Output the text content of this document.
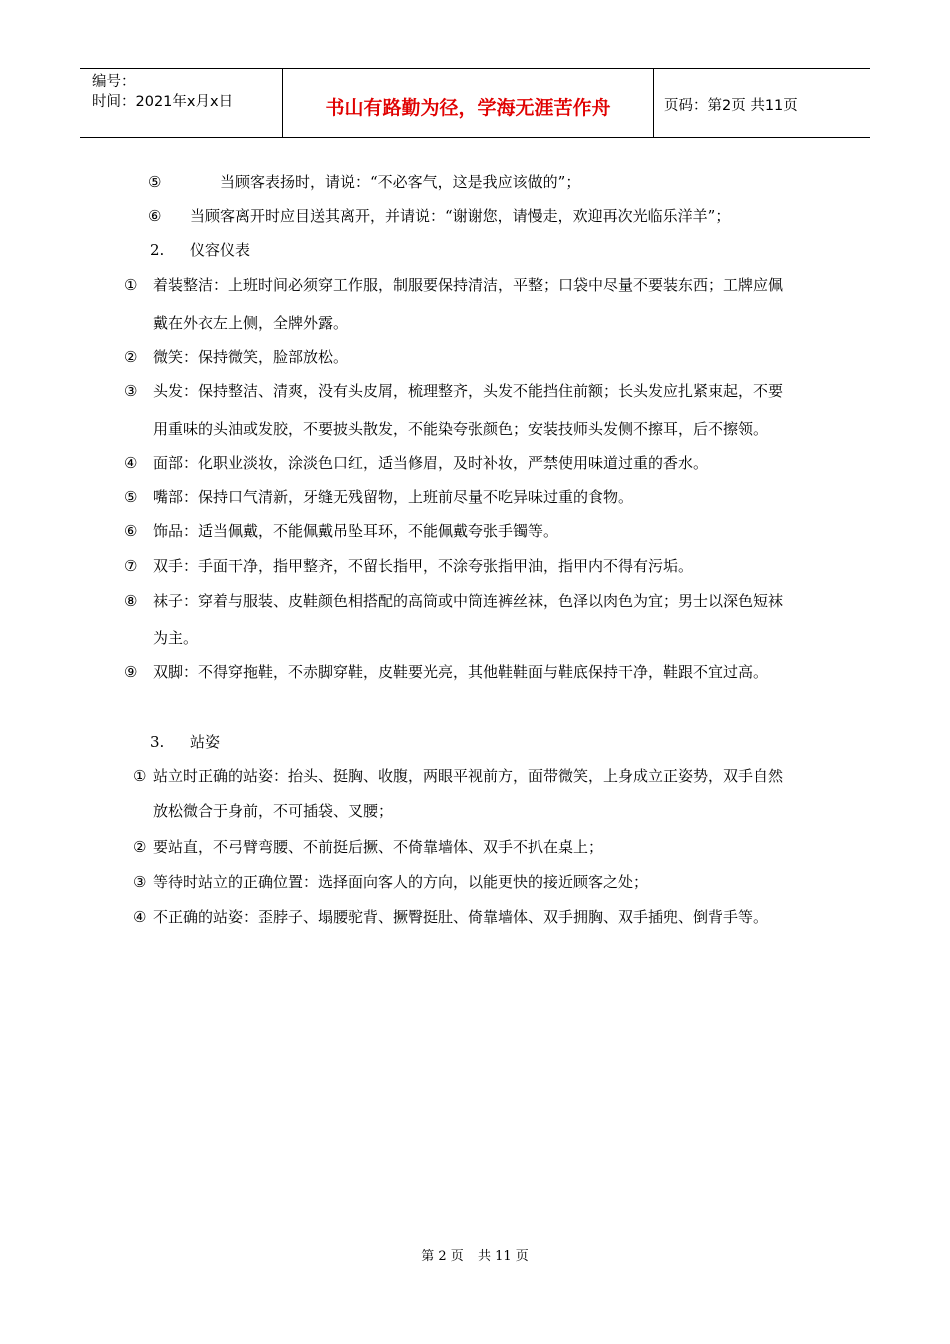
编号：
时间：2021年x月x日	书山有路勤为径，学海无涯苦作舟	页码：第2页 共11页
⑤	当顾客表扬时，请说：“不必客气，这是我应该做的”；
⑥ 当顾客离开时应目送其离开，并请说：“谢谢您，请慢走，欢迎再次光临乐洋羊”；
2. 仪容仪表
① 着装整洁：上班时间必须穿工作服，制服要保持清洁，平整；口袋中尽量不要装东西；工牌应佩
戴在外衣左上侧，全牌外露。
② 微笑：保持微笑，脸部放松。
③ 头发：保持整洁、清爽，没有头皮屑，梳理整齐，头发不能挡住前额；长头发应扎紧束起，不要
用重味的头油或发胶，不要披头散发，不能染夸张颜色；安装技师头发侧不擦耳，后不擦领。
④ 面部：化职业淡妆，涂淡色口红，适当修眉，及时补妆，严禁使用味道过重的香水。
⑤ 嘴部：保持口气清新，牙缝无残留物，上班前尽量不吃异味过重的食物。
⑥ 饰品：适当佩戴，不能佩戴吊坠耳环，不能佩戴夸张手镯等。
⑦ 双手：手面干净，指甲整齐，不留长指甲，不涂夸张指甲油，指甲内不得有污垢。
⑧ 袜子：穿着与服装、皮鞋颜色相搭配的高筒或中筒连裤丝袜，色泽以肉色为宜；男士以深色短袜
为主。
⑨ 双脚：不得穿拖鞋，不赤脚穿鞋，皮鞋要光亮，其他鞋鞋面与鞋底保持干净，鞋跟不宜过高。
3. 站姿
① 站立时正确的站姿：抬头、挺胸、收腹，两眼平视前方，面带微笑，上身成立正姿势，双手自然
放松微合于身前，不可插袋、叉腰；
② 要站直，不弓臂弯腰、不前挺后撅、不倚靠墙体、双手不扒在桌上；
③ 等待时站立的正确位置：选择面向客人的方向，以能更快的接近顾客之处；
④ 不正确的站姿：歪脖子、塌腰驼背、撅臀挺肚、倚靠墙体、双手拥胸、双手插兜、倒背手等。
第 2 页 共 11 页
